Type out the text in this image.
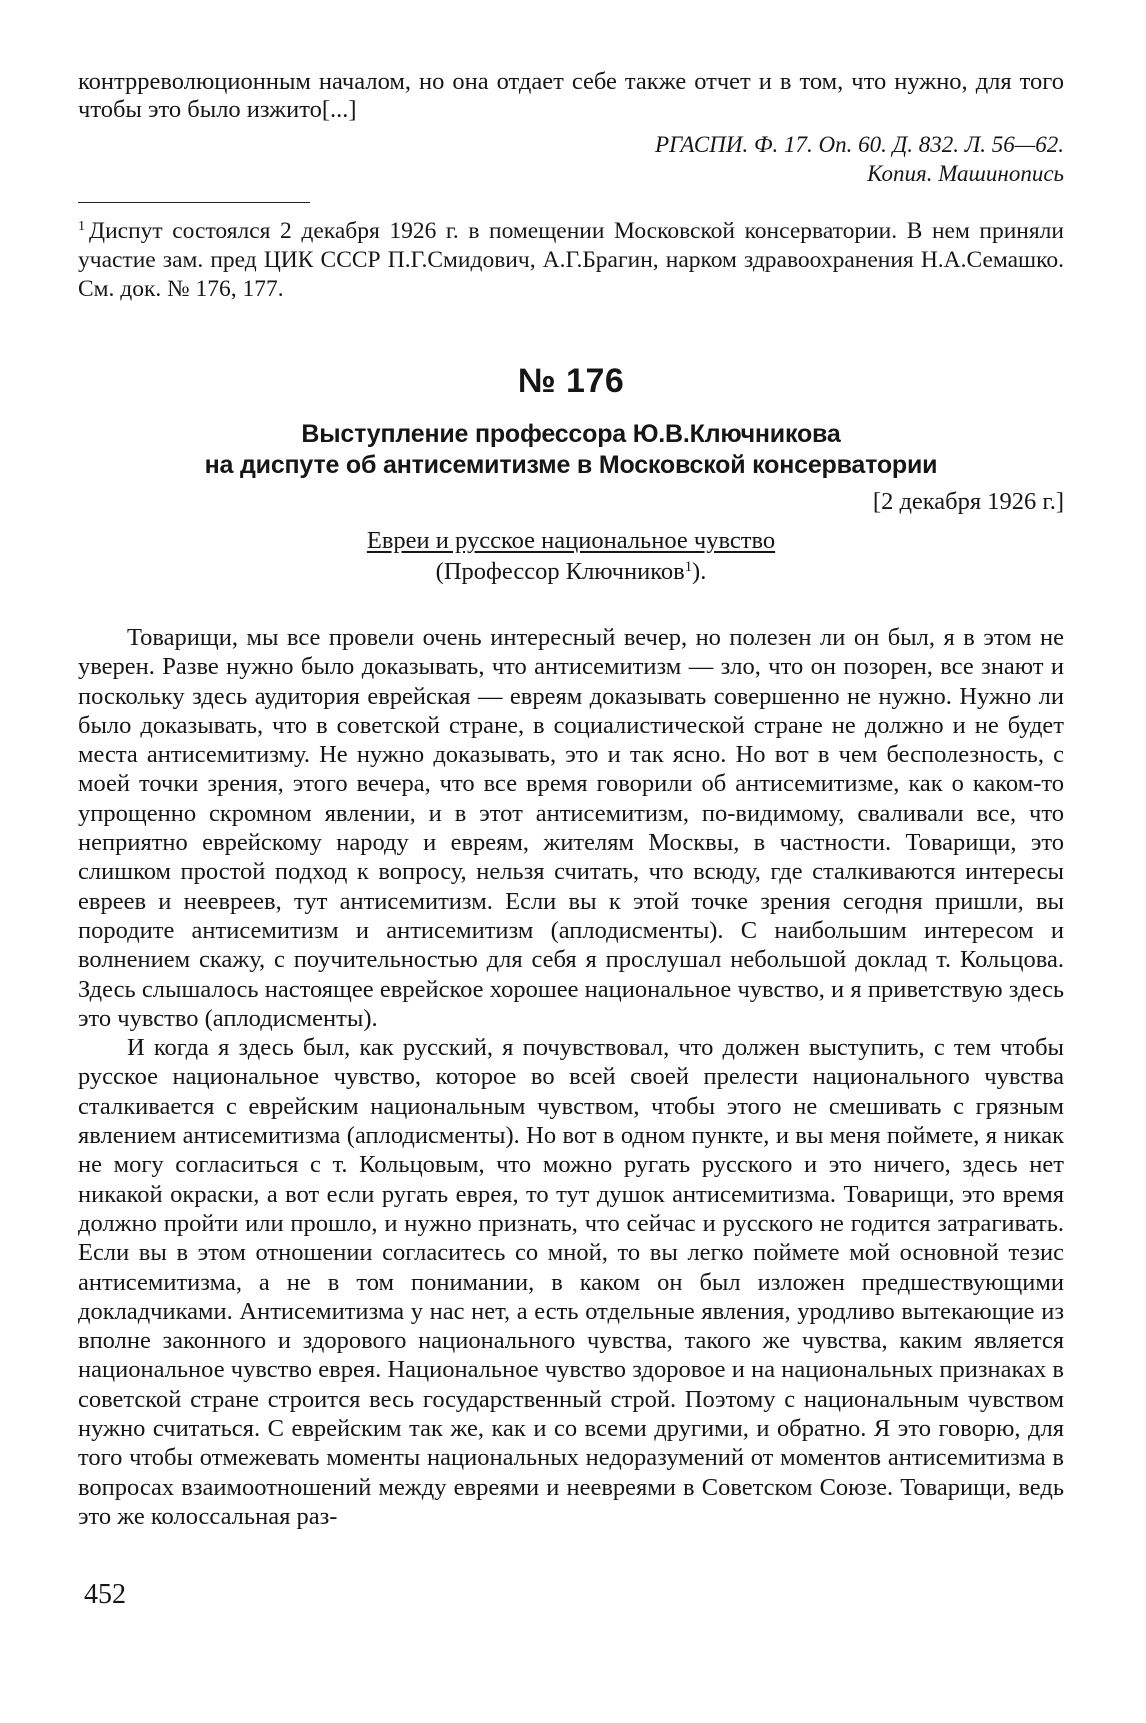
контрреволюционным началом, но она отдает себе также отчет и в том, что нужно, для того чтобы это было изжито[...]

РГАСПИ. Ф. 17. Оп. 60. Д. 832. Л. 56—62.
Копия. Машинопись

$^1$ Диспут состоялся 2 декабря 1926 г. в помещении Московской консерватории. В нем приняли участие зам. пред ЦИК СССР П.Г.Смидович, А.Г.Брагин, нарком здравоохранения Н.А.Семашко. См. док. № 176, 177.

№ 176
Выступление профессора Ю.В.Ключникова
на диспуте об антисемитизме в Московской консерватории
[2 декабря 1926 г.]
Евреи и русское национальное чувство
(Профессор Ключников$^1$).

Товарищи, мы все провели очень интересный вечер, но полезен ли он был, я в этом не уверен. Разве нужно было доказывать, что антисемитизм — зло, что он позорен, все знают и поскольку здесь аудитория еврейская — евреям доказывать совершенно не нужно. Нужно ли было доказывать, что в советской стране, в социалистической стране не должно и не будет места антисемитизму. Не нужно доказывать, это и так ясно. Но вот в чем бесполезность, с моей точки зрения, этого вечера, что все время говорили об антисемитизме, как о каком-то упрощенно скромном явлении, и в этот антисемитизм, по-видимому, сваливали все, что неприятно еврейскому народу и евреям, жителям Москвы, в частности. Товарищи, это слишком простой подход к вопросу, нельзя считать, что всюду, где сталкиваются интересы евреев и неевреев, тут антисемитизм. Если вы к этой точке зрения сегодня пришли, вы породите антисемитизм и антисемитизм (аплодисменты). С наибольшим интересом и волнением скажу, с поучительностью для себя я прослушал небольшой доклад т. Кольцова. Здесь слышалось настоящее еврейское хорошее национальное чувство, и я приветствую здесь это чувство (аплодисменты).

И когда я здесь был, как русский, я почувствовал, что должен выступить, с тем чтобы русское национальное чувство, которое во всей своей прелести национального чувства сталкивается с еврейским национальным чувством, чтобы этого не смешивать с грязным явлением антисемитизма (аплодисменты). Но вот в одном пункте, и вы меня поймете, я никак не могу согласиться с т. Кольцовым, что можно ругать русского и это ничего, здесь нет никакой окраски, а вот если ругать еврея, то тут душок антисемитизма. Товарищи, это время должно пройти или прошло, и нужно признать, что сейчас и русского не годится затрагивать. Если вы в этом отношении согласитесь со мной, то вы легко поймете мой основной тезис антисемитизма, а не в том понимании, в каком он был изложен предшествующими докладчиками. Антисемитизма у нас нет, а есть отдельные явления, уродливо вытекающие из вполне законного и здорового национального чувства, такого же чувства, каким является национальное чувство еврея. Национальное чувство здоровое и на национальных признаках в советской стране строится весь государственный строй. Поэтому с национальным чувством нужно считаться. С еврейским так же, как и со всеми другими, и обратно. Я это говорю, для того чтобы отмежевать моменты национальных недоразумений от моментов антисемитизма в вопросах взаимоотношений между евреями и неевреями в Советском Союзе. Товарищи, ведь это же колоссальная раз-

452
